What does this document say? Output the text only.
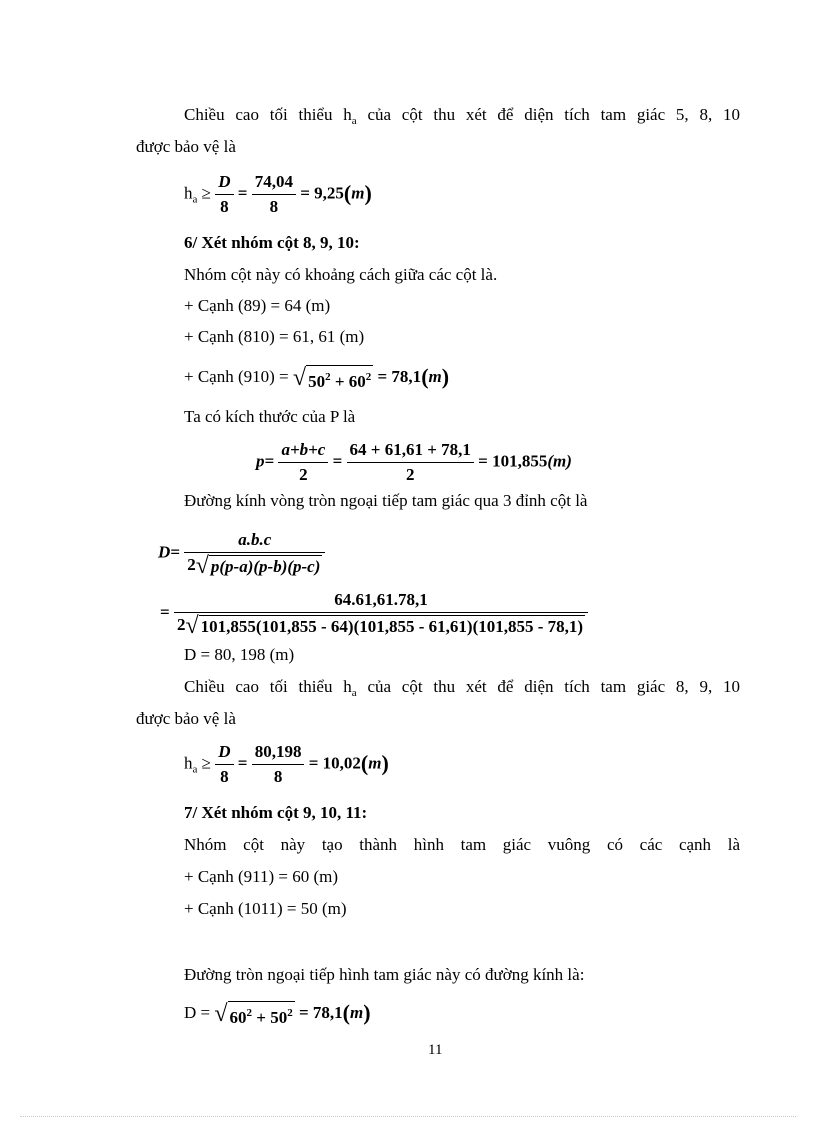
Chiều cao tối thiểu $h_a$ của cột thu xét để diện tích tam giác 5, 8, 10
được bảo vệ là
$h_a \ge \frac{D}{8} = \frac{74,04}{8} = 9,25(m)$
6/ Xét nhóm cột 8, 9, 10:
Nhóm cột này có khoảng cách giữa các cột là.
+ Cạnh (89) = 64 (m)
+ Cạnh (810) = 61, 61 (m)
+ Cạnh (910) = √ $50^2 + 60^2 = 78,1(m)$
Ta có kích thước của P là
$p= \frac{a+b+c}{2} = \frac{64 + 61,61 + 78,1}{2} = 101,855(m)$
Đường kính vòng tròn ngoại tiếp tam giác qua 3 đỉnh cột là
$D= \frac{a.b.c}{2√ p(p-a)(p-b)(p-c)}$
= $\frac{64.61,61.78,1}{2√ 101,855(101,855 - 64)(101,855 - 61,61)(101,855 - 78,1)}$
D = 80, 198 (m)
Chiều cao tối thiểu $h_a$ của cột thu xét để diện tích tam giác 8, 9, 10
được bảo vệ là
$h_a \ge \frac{D}{8} = \frac{80,198}{8} = 10,02(m)$
7/ Xét nhóm cột 9, 10, 11:
Nhóm cột này tạo thành hình tam giác vuông có các cạnh là
+ Cạnh (911) = 60 (m)
+ Cạnh (1011) = 50 (m)
Đường tròn ngoại tiếp hình tam giác này có đường kính là:
D = √ $60^2 + 50^2 = 78,1(m)$
11
